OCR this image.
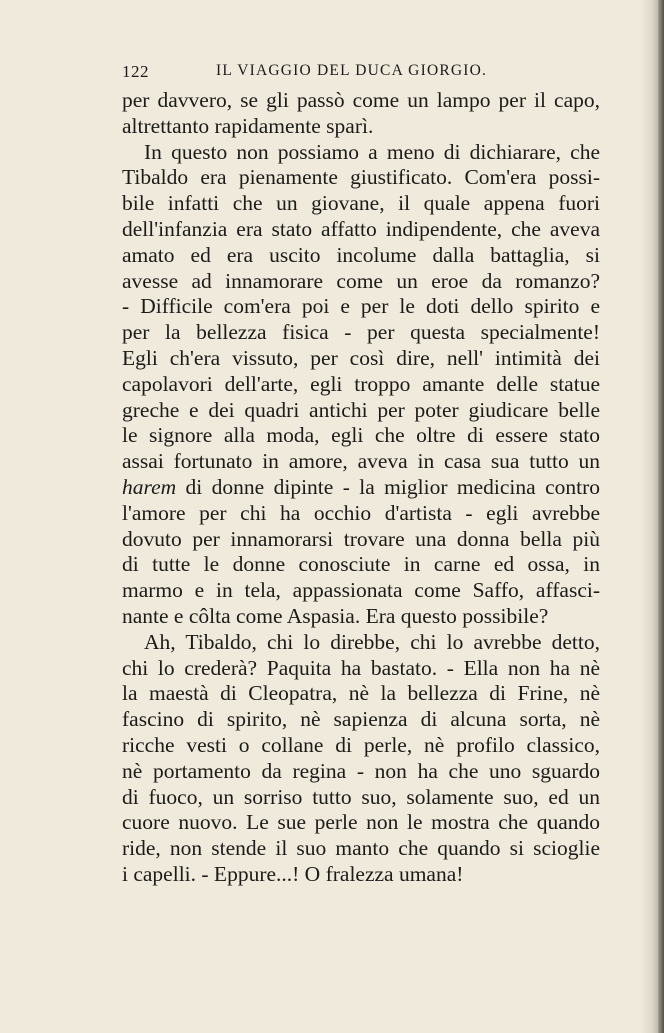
122	IL VIAGGIO DEL DUCA GIORGIO.
per davvero, se gli passò come un lampo per il capo,
altrettanto rapidamente sparì.
In questo non possiamo a meno di dichiarare, che
Tibaldo era pienamente giustificato. Com'era possi-
bile infatti che un giovane, il quale appena fuori
dell'infanzia era stato affatto indipendente, che aveva
amato ed era uscito incolume dalla battaglia, si
avesse ad innamorare come un eroe da romanzo?
- Difficile com'era poi e per le doti dello spirito e
per la bellezza fisica - per questa specialmente!
Egli ch'era vissuto, per così dire, nell' intimità dei
capolavori dell'arte, egli troppo amante delle statue
greche e dei quadri antichi per poter giudicare belle
le signore alla moda, egli che oltre di essere stato
assai fortunato in amore, aveva in casa sua tutto un
harem di donne dipinte - la miglior medicina contro
l'amore per chi ha occhio d'artista - egli avrebbe
dovuto per innamorarsi trovare una donna bella più
di tutte le donne conosciute in carne ed ossa, in
marmo e in tela, appassionata come Saffo, affasci-
nante e côlta come Aspasia. Era questo possibile?
Ah, Tibaldo, chi lo direbbe, chi lo avrebbe detto,
chi lo crederà? Paquita ha bastato. - Ella non ha nè
la maestà di Cleopatra, nè la bellezza di Frine, nè
fascino di spirito, nè sapienza di alcuna sorta, nè
ricche vesti o collane di perle, nè profilo classico,
nè portamento da regina - non ha che uno sguardo
di fuoco, un sorriso tutto suo, solamente suo, ed un
cuore nuovo. Le sue perle non le mostra che quando
ride, non stende il suo manto che quando si scioglie
i capelli. - Eppure...! O fralezza umana!
